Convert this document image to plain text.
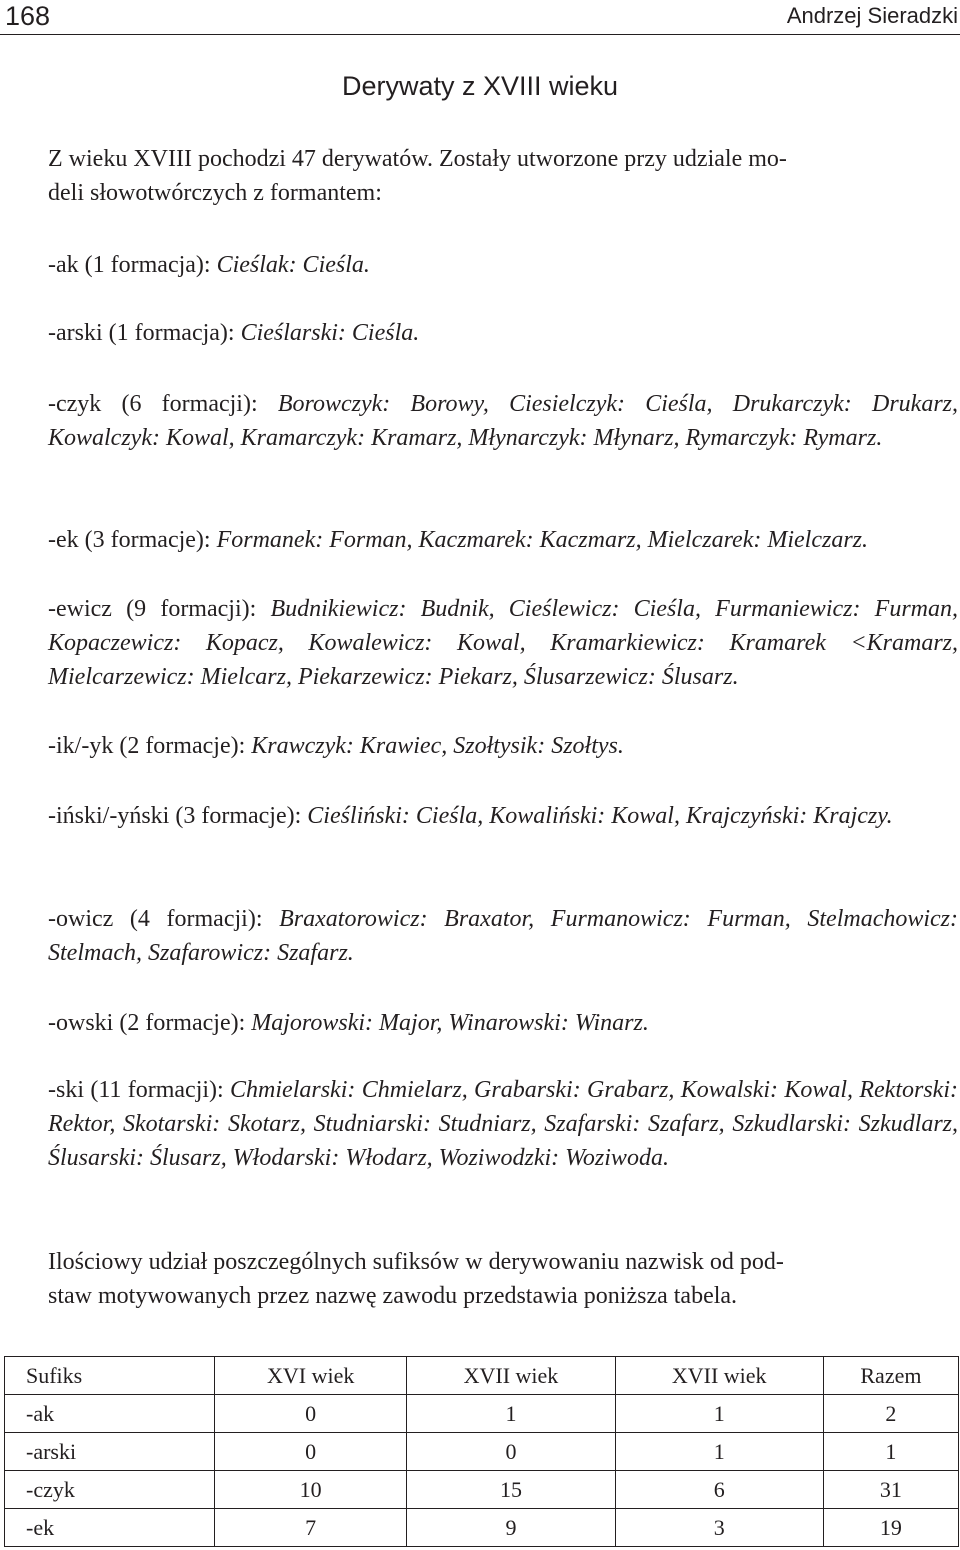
168	Andrzej Sieradzki
Derywaty z XVIII wieku

Z wieku XVIII pochodzi 47 derywatów. Zostały utworzone przy udziale mo-

deli słowotwórczych z formantem:

-ak (1 formacja): Cieślak: Cieśla.

-arski (1 formacja): Cieślarski: Cieśla.

-czyk (6 formacji): Borowczyk: Borowy, Ciesielczyk: Cieśla, Drukarczyk: Drukarz, Kowalczyk: Kowal, Kramarczyk: Kramarz, Młynarczyk: Młynarz, Rymarczyk: Rymarz.

-ek (3 formacje): Formanek: Forman, Kaczmarek: Kaczmarz, Mielczarek: Mielczarz.

-ewicz (9 formacji): Budnikiewicz: Budnik, Cieślewicz: Cieśla, Furmaniewicz: Furman, Kopaczewicz: Kopacz, Kowalewicz: Kowal, Kramarkiewicz: Kramarek <Kramarz, Mielcarzewicz: Mielcarz, Piekarzewicz: Piekarz, Ślusarzewicz: Ślusarz.

-ik/-yk (2 formacje): Krawczyk: Krawiec, Szołtysik: Szołtys.

-iński/-yński (3 formacje): Cieśliński: Cieśla, Kowaliński: Kowal, Krajczyński: Krajczy.

-owicz (4 formacji): Braxatorowicz: Braxator, Furmanowicz: Furman, Stelmachowicz: Stelmach, Szafarowicz: Szafarz.

-owski (2 formacje): Majorowski: Major, Winarowski: Winarz.

-ski (11 formacji): Chmielarski: Chmielarz, Grabarski: Grabarz, Kowalski: Kowal, Rektorski: Rektor, Skotarski: Skotarz, Studniarski: Studniarz, Szafarski: Szafarz, Szkudlarski: Szkudlarz, Ślusarski: Ślusarz, Włodarski: Włodarz, Woziwodzki: Woziwoda.

Ilościowy udział poszczególnych sufiksów w derywowaniu nazwisk od pod-

staw motywowanych przez nazwę zawodu przedstawia poniższa tabela.

Sufiks	XVI wiek	XVII wiek	XVII wiek	Razem
-ak	0	1	1	2
-arski	0	0	1	1
-czyk	10	15	6	31
-ek	7	9	3	19
